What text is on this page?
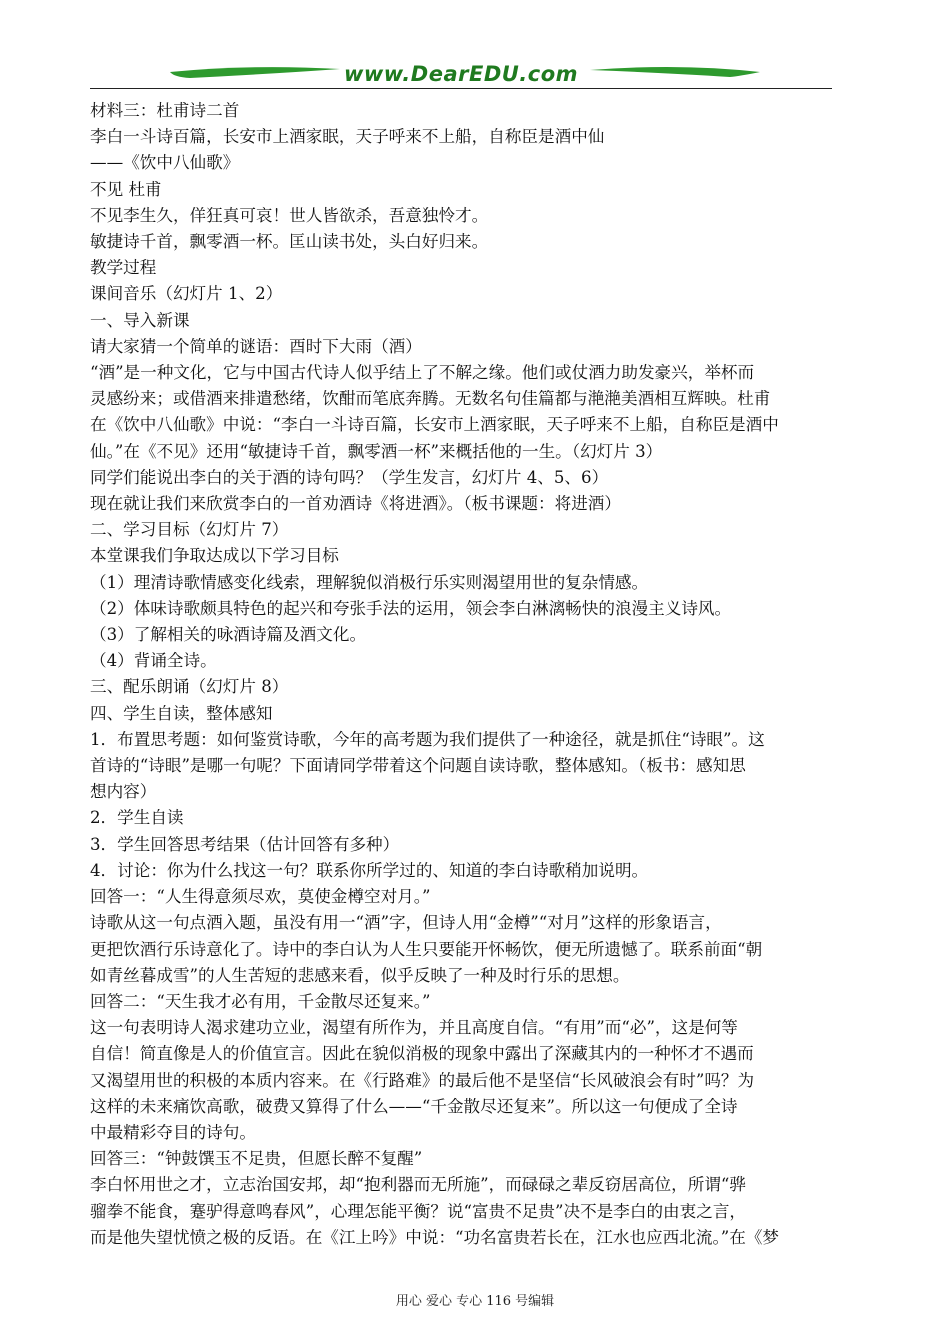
www.DearEDU.com

材料三：杜甫诗二首

李白一斗诗百篇，长安市上酒家眠，天子呼来不上船，自称臣是酒中仙

——《饮中八仙歌》

不见 杜甫

不见李生久，佯狂真可哀！世人皆欲杀，吾意独怜才。

敏捷诗千首，飘零酒一杯。匡山读书处，头白好归来。

教学过程

课间音乐（幻灯片 1、2）

一、导入新课

请大家猜一个简单的谜语：酉时下大雨（酒）

“酒”是一种文化，它与中国古代诗人似乎结上了不解之缘。他们或仗酒力助发豪兴，举杯而

灵感纷来；或借酒来排遣愁绪，饮酣而笔底奔腾。无数名句佳篇都与滟滟美酒相互辉映。杜甫

在《饮中八仙歌》中说：“李白一斗诗百篇，长安市上酒家眠，天子呼来不上船，自称臣是酒中

仙。”在《不见》还用“敏捷诗千首，飘零酒一杯”来概括他的一生。（幻灯片 3）

同学们能说出李白的关于酒的诗句吗？（学生发言，幻灯片 4、5、6）

现在就让我们来欣赏李白的一首劝酒诗《将进酒》。（板书课题：将进酒）

二、学习目标（幻灯片 7）

本堂课我们争取达成以下学习目标

（1）理清诗歌情感变化线索，理解貌似消极行乐实则渴望用世的复杂情感。

（2）体味诗歌颇具特色的起兴和夸张手法的运用，领会李白淋漓畅快的浪漫主义诗风。

（3）了解相关的咏酒诗篇及酒文化。

（4）背诵全诗。

三、配乐朗诵（幻灯片 8）

四、学生自读，整体感知

1．布置思考题：如何鉴赏诗歌，今年的高考题为我们提供了一种途径，就是抓住“诗眼”。这

首诗的“诗眼”是哪一句呢？下面请同学带着这个问题自读诗歌，整体感知。（板书：感知思

想内容）

2．学生自读

3．学生回答思考结果（估计回答有多种）

4．讨论：你为什么找这一句？联系你所学过的、知道的李白诗歌稍加说明。

回答一：“人生得意须尽欢，莫使金樽空对月。”

诗歌从这一句点酒入题，虽没有用一“酒”字，但诗人用“金樽”“对月”这样的形象语言，

更把饮酒行乐诗意化了。诗中的李白认为人生只要能开怀畅饮，便无所遗憾了。联系前面“朝

如青丝暮成雪”的人生苦短的悲感来看，似乎反映了一种及时行乐的思想。

回答二：“天生我才必有用，千金散尽还复来。”

这一句表明诗人渴求建功立业，渴望有所作为，并且高度自信。“有用”而“必”，这是何等

自信！简直像是人的价值宣言。因此在貌似消极的现象中露出了深藏其内的一种怀才不遇而

又渴望用世的积极的本质内容来。在《行路难》的最后他不是坚信“长风破浪会有时”吗？为

这样的未来痛饮高歌，破费又算得了什么——“千金散尽还复来”。所以这一句便成了全诗

中最精彩夺目的诗句。

回答三：“钟鼓馔玉不足贵，但愿长醉不复醒”

李白怀用世之才，立志治国安邦，却“抱利器而无所施”，而碌碌之辈反窃居高位，所谓“骅

骝拳不能食，蹇驴得意鸣春风”，心理怎能平衡？说“富贵不足贵”决不是李白的由衷之言，

而是他失望忧愤之极的反语。在《江上吟》中说：“功名富贵若长在，江水也应西北流。”在《梦

用心 爱心 专心 116 号编辑
